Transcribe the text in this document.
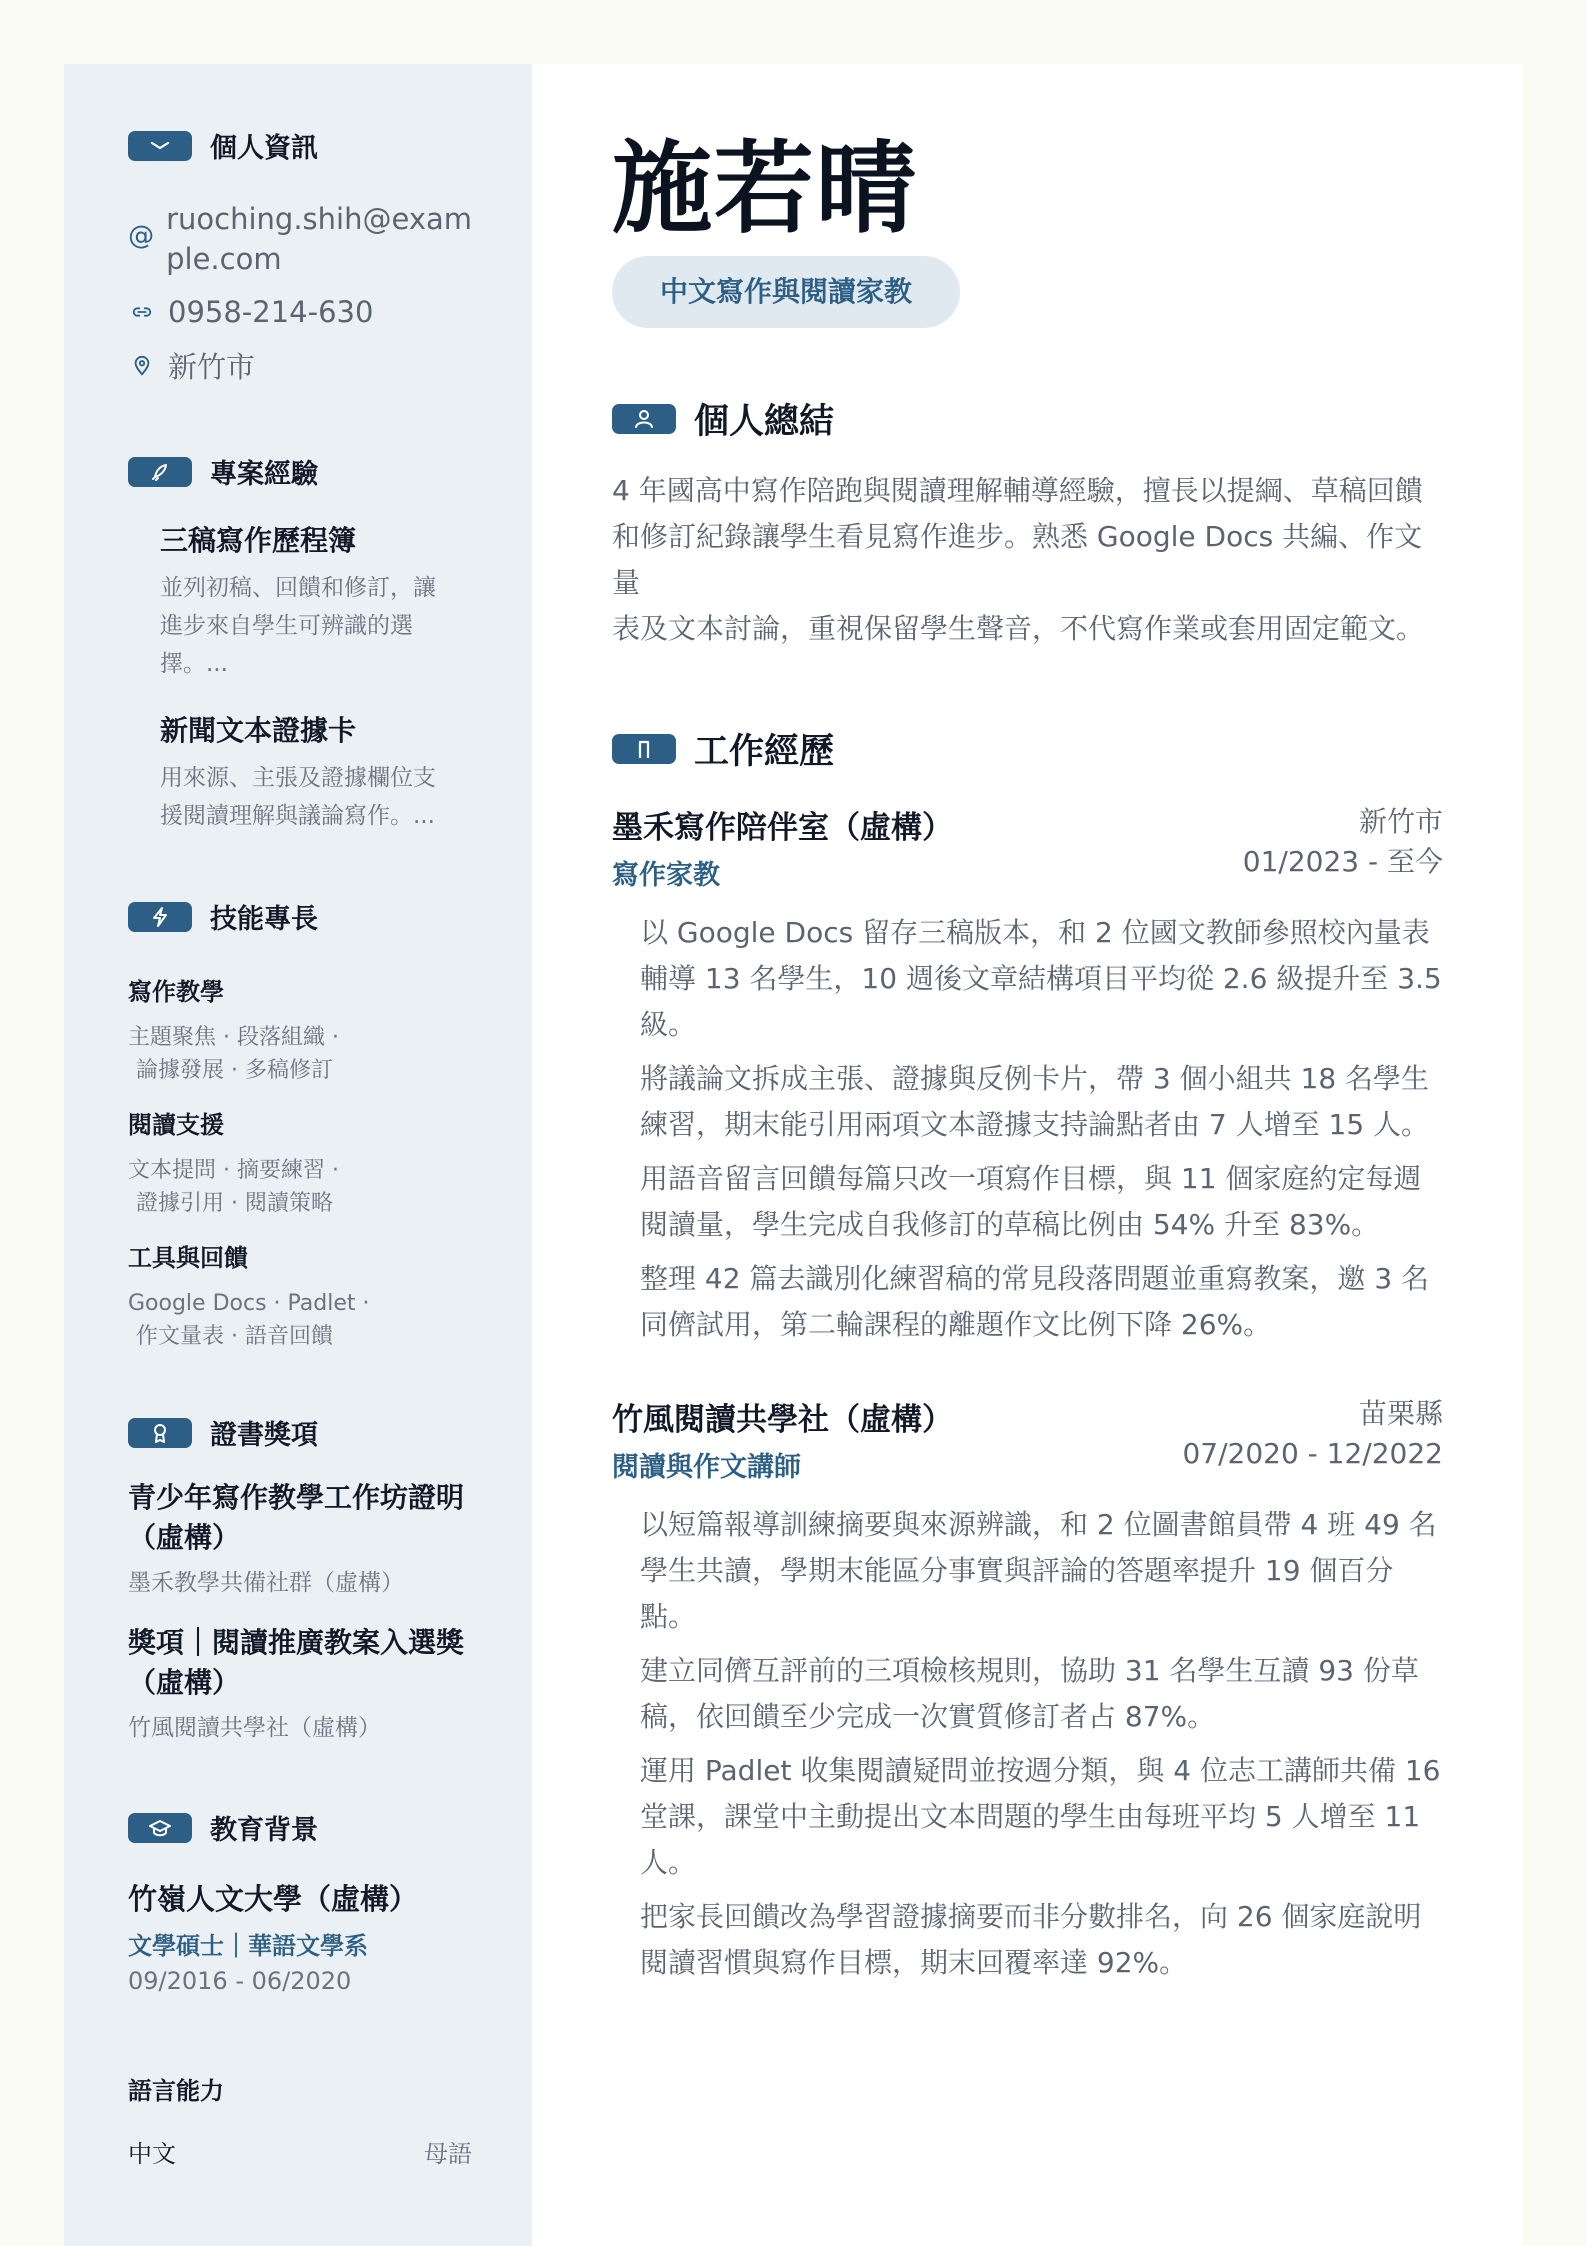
個人資訊
@ ruoching.shih@exam
ple.com
0958-214-630
新竹市
專案經驗
三稿寫作歷程簿
並列初稿、回饋和修訂，讓
進步來自學生可辨識的選
擇。...
新聞文本證據卡
用來源、主張及證據欄位支
援閱讀理解與議論寫作。...
技能專長
寫作教學
主題聚焦 · 段落組織 ·
論據發展 · 多稿修訂
閱讀支援
文本提問 · 摘要練習 ·
證據引用 · 閱讀策略
工具與回饋
Google Docs · Padlet ·
作文量表 · 語音回饋
證書獎項
青少年寫作教學工作坊證明
（虛構）
墨禾教學共備社群（虛構）
獎項｜閱讀推廣教案入選獎
（虛構）
竹風閱讀共學社（虛構）
教育背景
竹嶺人文大學（虛構）
文學碩士｜華語文學系
09/2016 - 06/2020
語言能力
中文	母語
施若晴
中文寫作與閱讀家教
個人總結
4 年國高中寫作陪跑與閱讀理解輔導經驗，擅長以提綱、草稿回饋
和修訂紀錄讓學生看見寫作進步。熟悉 Google Docs 共編、作文量
表及文本討論，重視保留學生聲音，不代寫作業或套用固定範文。
工作經歷
墨禾寫作陪伴室（虛構）
寫作家教
新竹市
01/2023 - 至今
以 Google Docs 留存三稿版本，和 2 位國文教師參照校內量表
輔導 13 名學生，10 週後文章結構項目平均從 2.6 級提升至 3.5
級。
將議論文拆成主張、證據與反例卡片，帶 3 個小組共 18 名學生
練習，期末能引用兩項文本證據支持論點者由 7 人增至 15 人。
用語音留言回饋每篇只改一項寫作目標，與 11 個家庭約定每週
閱讀量，學生完成自我修訂的草稿比例由 54% 升至 83%。
整理 42 篇去識別化練習稿的常見段落問題並重寫教案，邀 3 名
同儕試用，第二輪課程的離題作文比例下降 26%。
竹風閱讀共學社（虛構）
閱讀與作文講師
苗栗縣
07/2020 - 12/2022
以短篇報導訓練摘要與來源辨識，和 2 位圖書館員帶 4 班 49 名
學生共讀，學期末能區分事實與評論的答題率提升 19 個百分
點。
建立同儕互評前的三項檢核規則，協助 31 名學生互讀 93 份草
稿，依回饋至少完成一次實質修訂者占 87%。
運用 Padlet 收集閱讀疑問並按週分類，與 4 位志工講師共備 16
堂課，課堂中主動提出文本問題的學生由每班平均 5 人增至 11
人。
把家長回饋改為學習證據摘要而非分數排名，向 26 個家庭說明
閱讀習慣與寫作目標，期末回覆率達 92%。
